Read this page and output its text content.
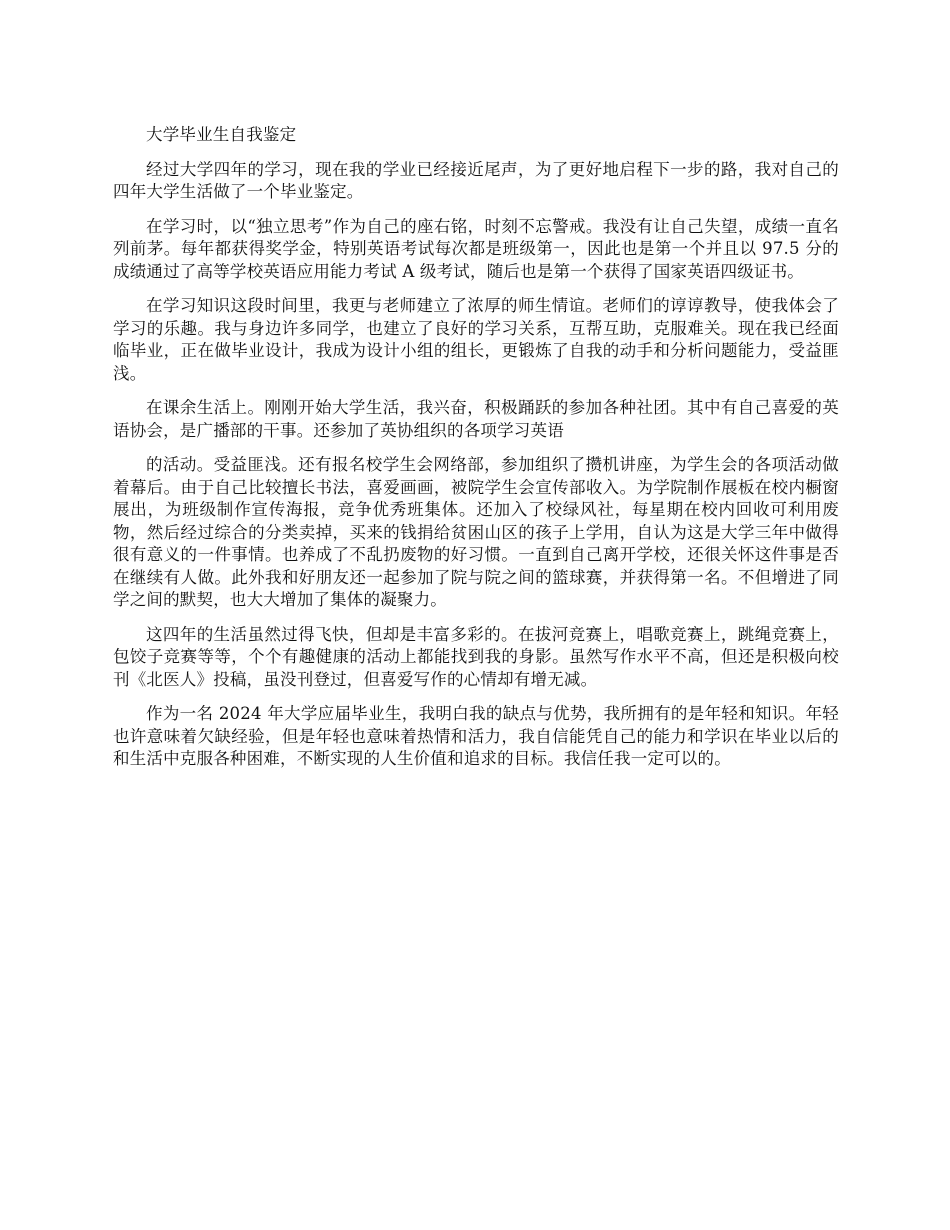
大学毕业生自我鉴定

经过大学四年的学习，现在我的学业已经接近尾声，为了更好地启程下一步的路，我对自己的四年大学生活做了一个毕业鉴定。

在学习时，以“独立思考”作为自己的座右铭，时刻不忘警戒。我没有让自己失望，成绩一直名列前茅。每年都获得奖学金，特别英语考试每次都是班级第一，因此也是第一个并且以 97.5 分的成绩通过了高等学校英语应用能力考试 A 级考试，随后也是第一个获得了国家英语四级证书。

在学习知识这段时间里，我更与老师建立了浓厚的师生情谊。老师们的谆谆教导，使我体会了学习的乐趣。我与身边许多同学，也建立了良好的学习关系，互帮互助，克服难关。现在我已经面临毕业，正在做毕业设计，我成为设计小组的组长，更锻炼了自我的动手和分析问题能力，受益匪浅。

在课余生活上。刚刚开始大学生活，我兴奋，积极踊跃的参加各种社团。其中有自己喜爱的英语协会，是广播部的干事。还参加了英协组织的各项学习英语

的活动。受益匪浅。还有报名校学生会网络部，参加组织了攒机讲座，为学生会的各项活动做着幕后。由于自己比较擅长书法，喜爱画画，被院学生会宣传部收入。为学院制作展板在校内橱窗展出，为班级制作宣传海报，竞争优秀班集体。还加入了校绿风社，每星期在校内回收可利用废物，然后经过综合的分类卖掉，买来的钱捐给贫困山区的孩子上学用，自认为这是大学三年中做得很有意义的一件事情。也养成了不乱扔废物的好习惯。一直到自己离开学校，还很关怀这件事是否在继续有人做。此外我和好朋友还一起参加了院与院之间的篮球赛，并获得第一名。不但增进了同学之间的默契，也大大增加了集体的凝聚力。

这四年的生活虽然过得飞快，但却是丰富多彩的。在拔河竞赛上，唱歌竞赛上，跳绳竞赛上，包饺子竞赛等等，个个有趣健康的活动上都能找到我的身影。虽然写作水平不高，但还是积极向校刊《北医人》投稿，虽没刊登过，但喜爱写作的心情却有增无减。

作为一名 2024 年大学应届毕业生，我明白我的缺点与优势，我所拥有的是年轻和知识。年轻也许意味着欠缺经验，但是年轻也意味着热情和活力，我自信能凭自己的能力和学识在毕业以后的和生活中克服各种困难，不断实现的人生价值和追求的目标。我信任我一定可以的。
